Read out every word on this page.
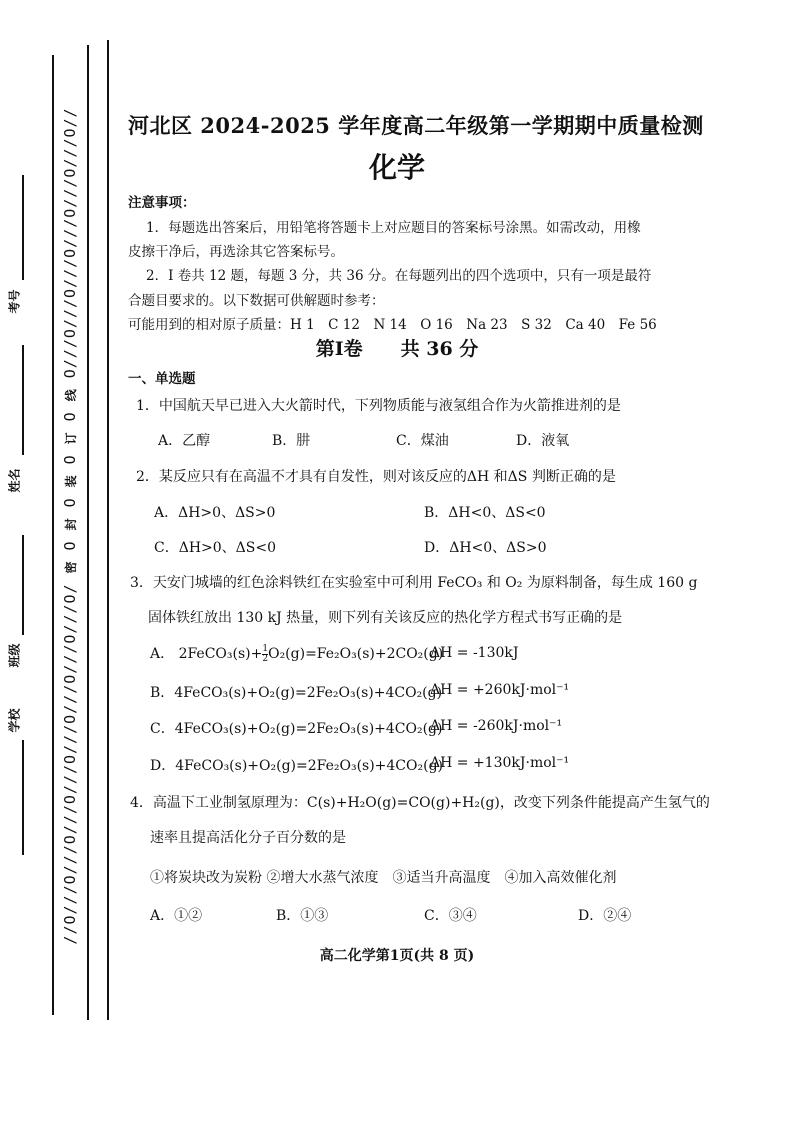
//O///O///O///O///O///O///O///O///O/
密
O
封
O
装
O
订
O
线
O///O///O///O///O///O///O//
考号
姓名
班级
学校
河北区 2024-2025 学年度高二年级第一学期期中质量检测
化学
注意事项：
1．每题选出答案后，用铅笔将答题卡上对应题目的答案标号涂黑。如需改动，用橡
皮擦干净后，再选涂其它答案标号。
2．I 卷共 12 题，每题 3 分，共 36 分。在每题列出的四个选项中，只有一项是最符
合题目要求的。以下数据可供解题时参考：
可能用到的相对原子质量：H 1　C 12　N 14　O 16　Na 23　S 32　Ca 40　Fe 56
第I卷　　共 36 分
一、单选题
1．中国航天早已进入大火箭时代，下列物质能与液氢组合作为火箭推进剂的是
A．乙醇	B．肼	C．煤油	D．液氧
2．某反应只有在高温不才具有自发性，则对该反应的ΔH 和ΔS 判断正确的是
A．ΔH>0、ΔS>0	B．ΔH<0、ΔS<0
C．ΔH>0、ΔS<0	D．ΔH<0、ΔS>0
3．天安门城墙的红色涂料铁红在实验室中可利用 FeCO₃ 和 O₂ 为原料制备，每生成 160 g
固体铁红放出 130 kJ 热量，则下列有关该反应的热化学方程式书写正确的是
A． 2FeCO₃(s)+ $\frac{1}{2} O_2(g)=Fe_2O_3(s)+2CO_2(g)$
ΔH = -130kJ
B．4FeCO₃(s)+O₂(g)=2Fe₂O₃(s)+4CO₂(g)
ΔH = +260kJ·mol⁻¹
C．4FeCO₃(s)+O₂(g)=2Fe₂O₃(s)+4CO₂(g)
ΔH = -260kJ·mol⁻¹
D．4FeCO₃(s)+O₂(g)=2Fe₂O₃(s)+4CO₂(g)
ΔH = +130kJ·mol⁻¹
4．高温下工业制氢原理为：C(s)+H₂O(g)=CO(g)+H₂(g)，改变下列条件能提高产生氢气的
速率且提高活化分子百分数的是
①将炭块改为炭粉 ②增大水蒸气浓度　③适当升高温度　④加入高效催化剂
A．①②	B．①③	C．③④	D．②④
高二化学第1页(共 8 页)
